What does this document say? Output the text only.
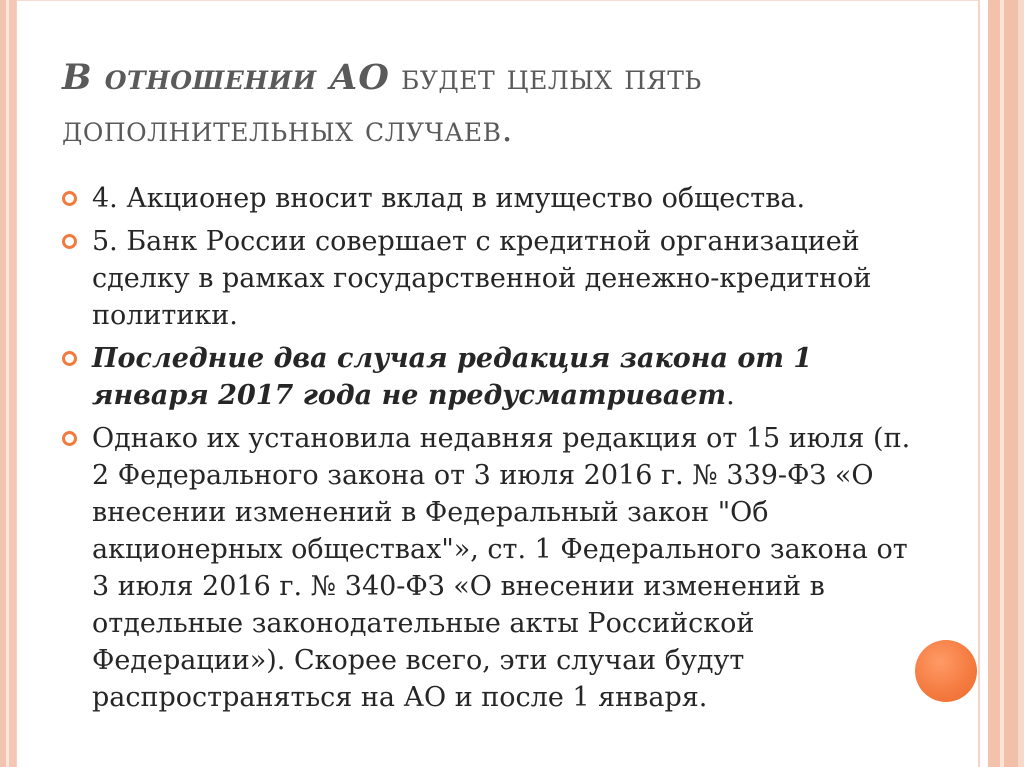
В отношении АО будет целых пять дополнительных случаев.
4. Акционер вносит вклад в имущество общества.
5. Банк России совершает с кредитной организацией сделку в рамках государственной денежно-кредитной политики.
Последние два случая редакция закона от 1 января 2017 года не предусматривает.
Однако их установила недавняя редакция от 15 июля (п. 2 Федерального закона от 3 июля 2016 г. № 339-ФЗ «О внесении изменений в Федеральный закон "Об акционерных обществах"», ст. 1 Федерального закона от 3 июля 2016 г. № 340-ФЗ «О внесении изменений в отдельные законодательные акты Российской Федерации»). Скорее всего, эти случаи будут распространяться на АО и после 1 января.
